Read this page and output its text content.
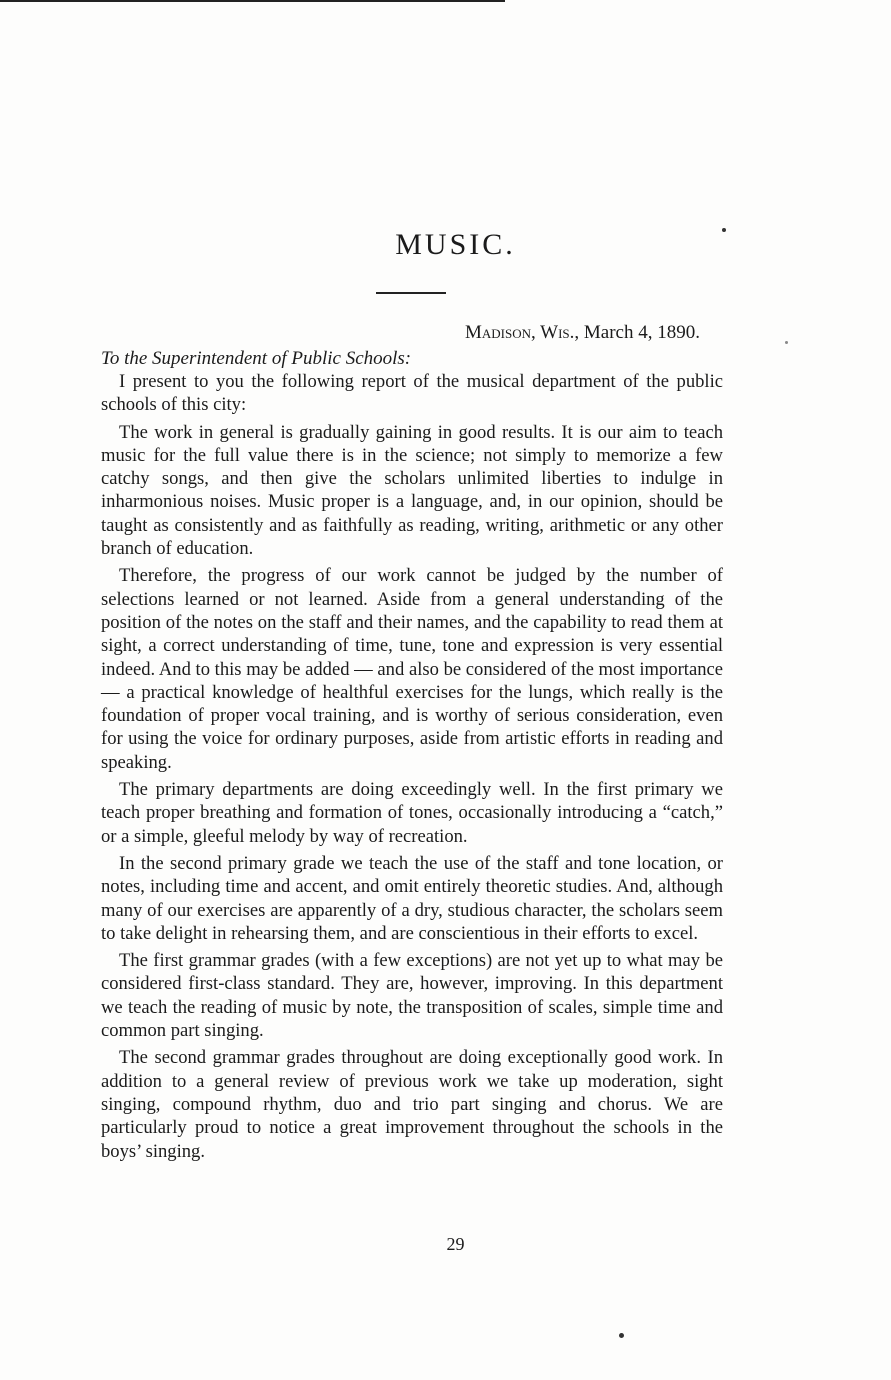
MUSIC.
Madison, Wis., March 4, 1890.
To the Superintendent of Public Schools:

I present to you the following report of the musical department of the public schools of this city:

The work in general is gradually gaining in good results. It is our aim to teach music for the full value there is in the science; not simply to memorize a few catchy songs, and then give the scholars unlimited liberties to indulge in inharmonious noises. Music proper is a language, and, in our opinion, should be taught as consistently and as faithfully as reading, writing, arithmetic or any other branch of education.

Therefore, the progress of our work cannot be judged by the number of selections learned or not learned. Aside from a general understanding of the position of the notes on the staff and their names, and the capability to read them at sight, a correct understanding of time, tune, tone and expression is very essential indeed. And to this may be added — and also be considered of the most importance — a practical knowledge of healthful exercises for the lungs, which really is the foundation of proper vocal training, and is worthy of serious consideration, even for using the voice for ordinary purposes, aside from artistic efforts in reading and speaking.

The primary departments are doing exceedingly well. In the first primary we teach proper breathing and formation of tones, occasionally introducing a “catch,” or a simple, gleeful melody by way of recreation.

In the second primary grade we teach the use of the staff and tone location, or notes, including time and accent, and omit entirely theoretic studies. And, although many of our exercises are apparently of a dry, studious character, the scholars seem to take delight in rehearsing them, and are conscientious in their efforts to excel.

The first grammar grades (with a few exceptions) are not yet up to what may be considered first-class standard. They are, however, improving. In this department we teach the reading of music by note, the transposition of scales, simple time and common part singing.

The second grammar grades throughout are doing exceptionally good work. In addition to a general review of previous work we take up moderation, sight singing, compound rhythm, duo and trio part singing and chorus. We are particularly proud to notice a great improvement throughout the schools in the boys’ singing.

29
